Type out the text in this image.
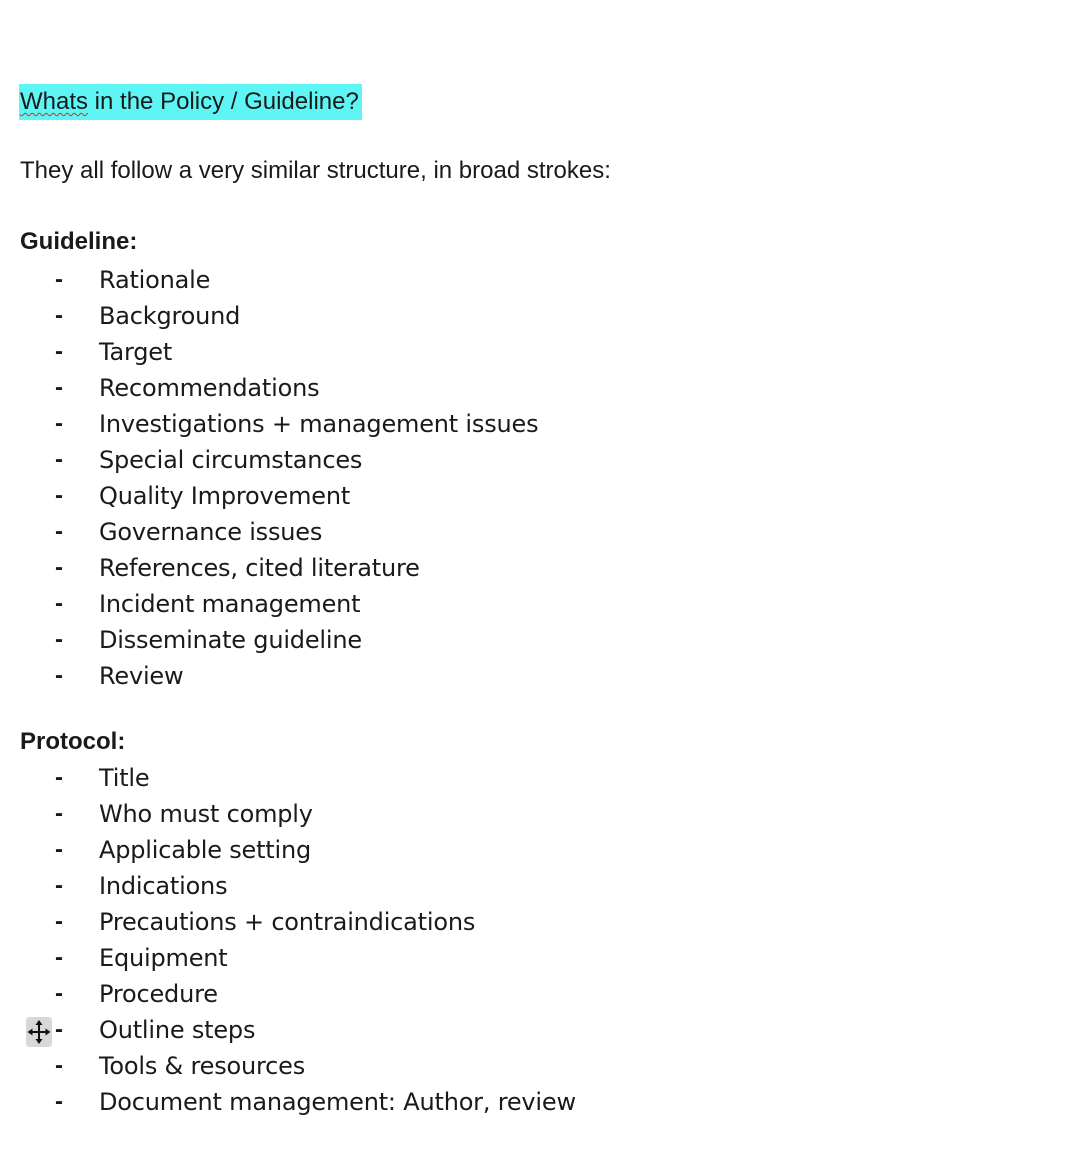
Whats in the Policy / Guideline?
They all follow a very similar structure, in broad strokes:
Guideline:
- Rationale
- Background
- Target
- Recommendations
- Investigations + management issues
- Special circumstances
- Quality Improvement
- Governance issues
- References, cited literature
- Incident management
- Disseminate guideline
- Review
Protocol:
- Title
- Who must comply
- Applicable setting
- Indications
- Precautions + contraindications
- Equipment
- Procedure
- Outline steps
- Tools & resources
- Document management: Author, review
